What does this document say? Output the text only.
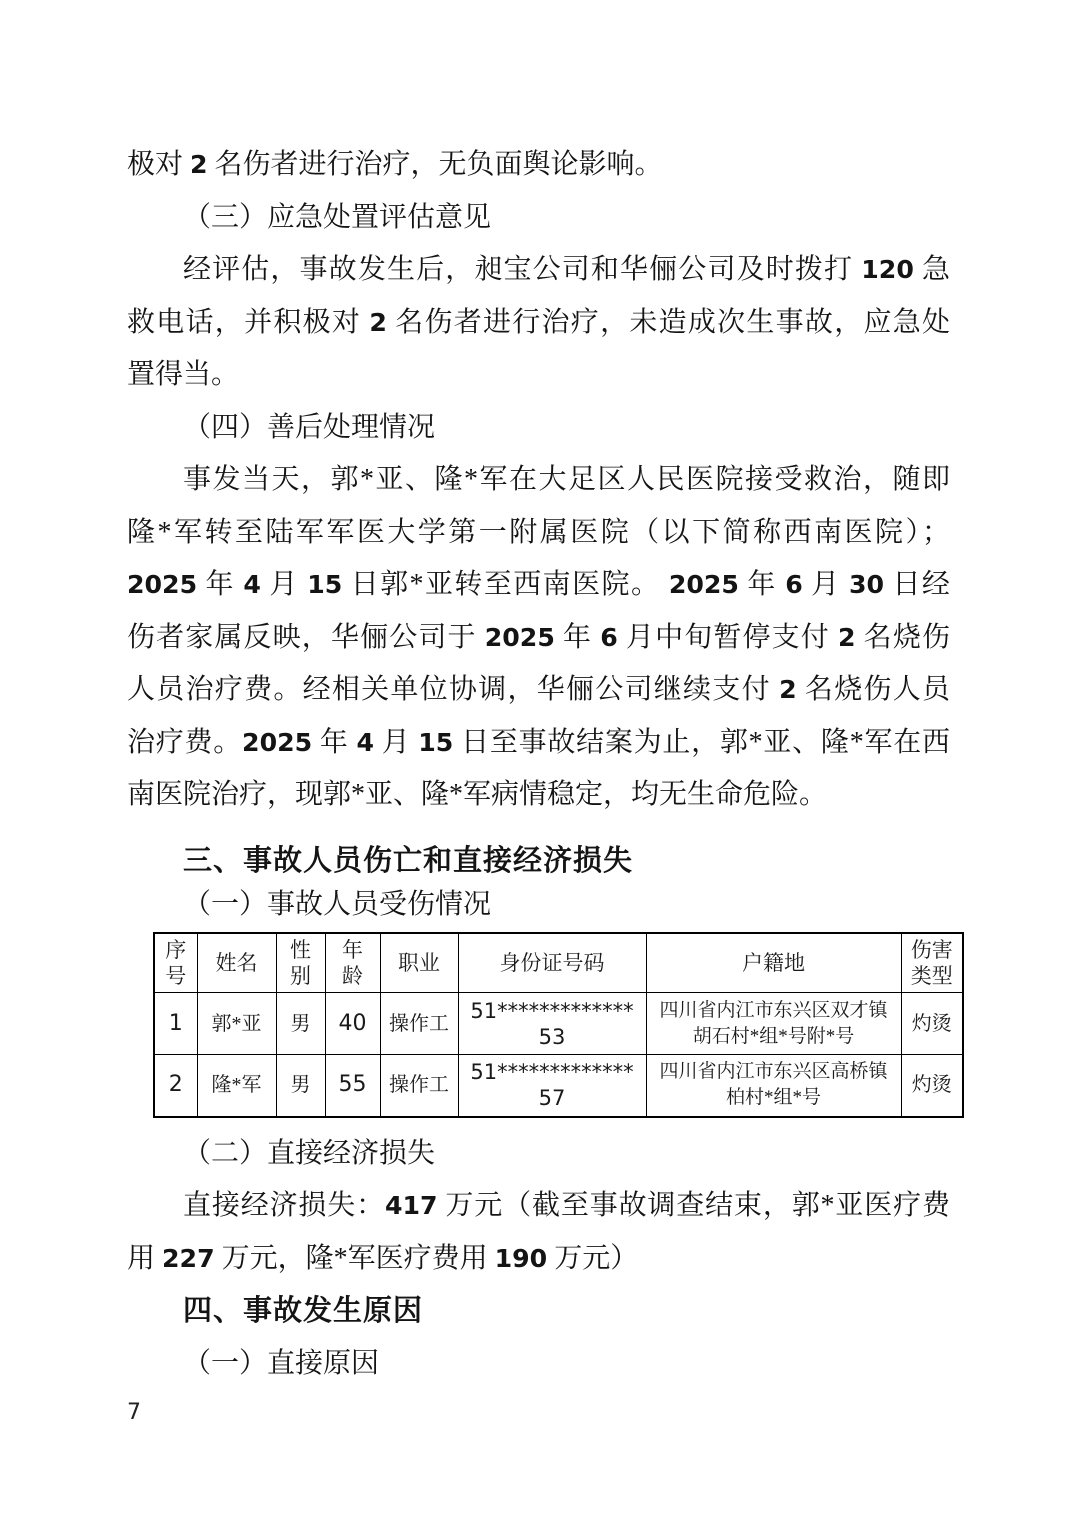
极对 2 名伤者进行治疗，无负面舆论影响。
（三）应急处置评估意见
经评估，事故发生后，昶宝公司和华俪公司及时拨打 120 急
救电话，并积极对 2 名伤者进行治疗，未造成次生事故，应急处
置得当。
（四）善后处理情况
事发当天，郭*亚、隆*军在大足区人民医院接受救治，随即
隆*军转至陆军军医大学第一附属医院（以下简称西南医院）；
2025 年 4 月 15 日郭*亚转至西南医院。 2025 年 6 月 30 日经
伤者家属反映，华俪公司于 2025 年 6 月中旬暂停支付 2 名烧伤
人员治疗费。经相关单位协调，华俪公司继续支付 2 名烧伤人员
治疗费。2025 年 4 月 15 日至事故结案为止，郭*亚、隆*军在西
南医院治疗，现郭*亚、隆*军病情稳定，均无生命危险。
三、事故人员伤亡和直接经济损失
（一）事故人员受伤情况
序号	姓名	性别	年龄	职业	身份证号码	户籍地	伤害类型
1	郭*亚	男	40	操作工	51*************53	四川省内江市东兴区双才镇胡石村*组*号附*号	灼烫
2	隆*军	男	55	操作工	51*************57	四川省内江市东兴区高桥镇柏村*组*号	灼烫
（二）直接经济损失
直接经济损失：417 万元（截至事故调查结束，郭*亚医疗费
用 227 万元，隆*军医疗费用 190 万元）
四、事故发生原因
（一）直接原因
7
